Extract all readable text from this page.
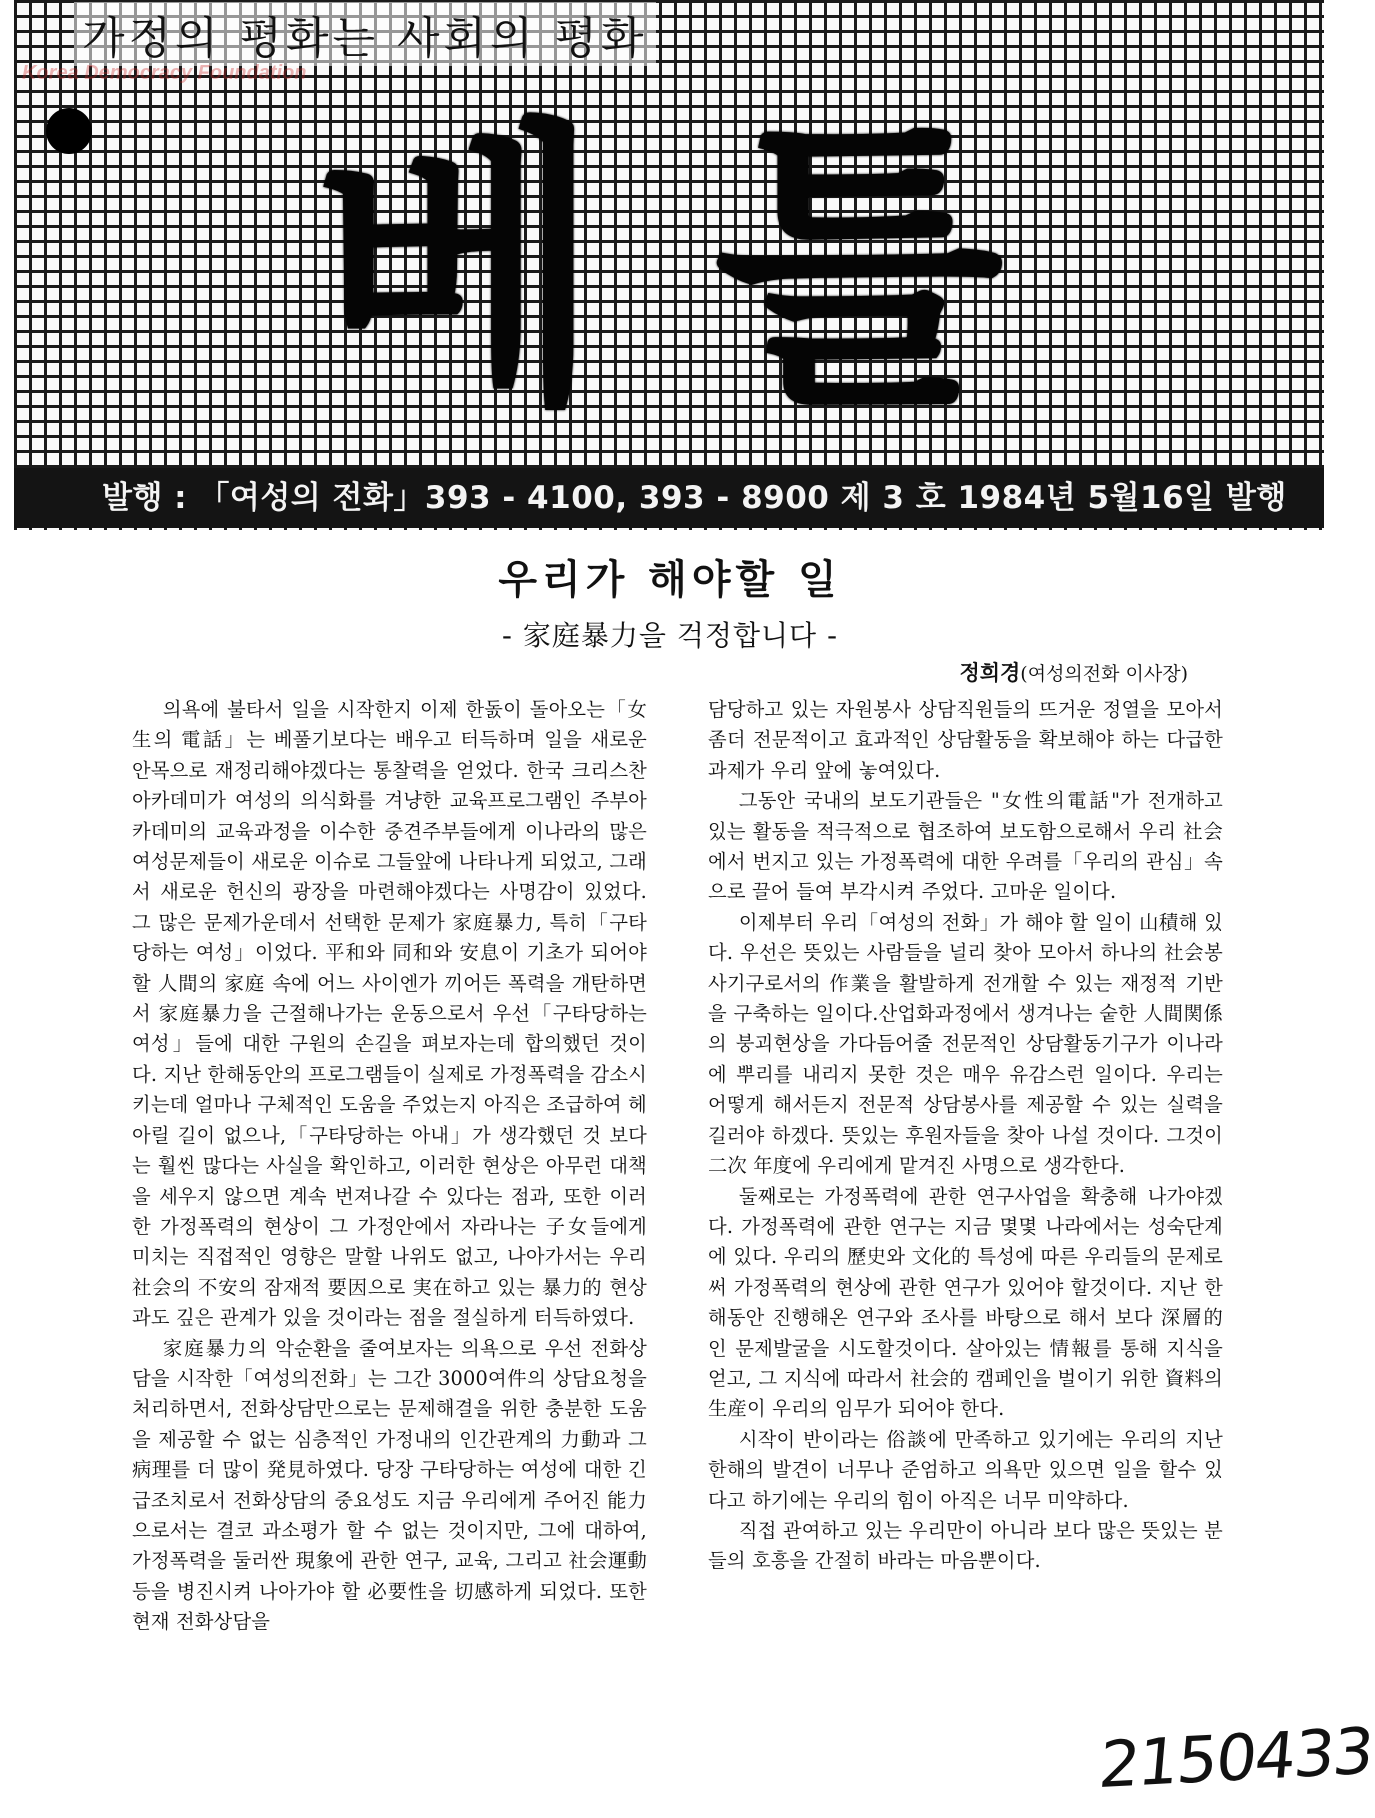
가정의 평화는 사회의 평화
Korea Democracy Foundation
베틀
발행 : 「여성의 전화」393 - 4100, 393 - 8900 제 3 호 1984년 5월16일 발행
우리가 해야할 일
- 家庭暴力을 걱정합니다 -
정희경(여성의전화 이사장)

의욕에 불타서 일을 시작한지 이제 한돐이 돌아오는「女生의 電話」는 베풀기보다는 배우고 터득하며 일을 새로운 안목으로 재정리해야겠다는 통찰력을 얻었다. 한국 크리스찬 아카데미가 여성의 의식화를 겨냥한 교육프로그램인 주부아카데미의 교육과정을 이수한 중견주부들에게 이나라의 많은 여성문제들이 새로운 이슈로 그들앞에 나타나게 되었고, 그래서 새로운 헌신의 광장을 마련해야겠다는 사명감이 있었다. 그 많은 문제가운데서 선택한 문제가 家庭暴力, 특히「구타당하는 여성」이었다. 平和와 同和와 安息이 기초가 되어야 할 人間의 家庭 속에 어느 사이엔가 끼어든 폭력을 개탄하면서 家庭暴力을 근절해나가는 운동으로서 우선「구타당하는 여성」들에 대한 구원의 손길을 펴보자는데 합의했던 것이다. 지난 한해동안의 프로그램들이 실제로 가정폭력을 감소시키는데 얼마나 구체적인 도움을 주었는지 아직은 조급하여 헤아릴 길이 없으나,「구타당하는 아내」가 생각했던 것 보다는 훨씬 많다는 사실을 확인하고, 이러한 현상은 아무런 대책을 세우지 않으면 계속 번져나갈 수 있다는 점과, 또한 이러한 가정폭력의 현상이 그 가정안에서 자라나는 子女들에게 미치는 직접적인 영향은 말할 나위도 없고, 나아가서는 우리 社会의 不安의 잠재적 要因으로 実在하고 있는 暴力的 현상과도 깊은 관계가 있을 것이라는 점을 절실하게 터득하였다.

家庭暴力의 악순환을 줄여보자는 의욕으로 우선 전화상담을 시작한「여성의전화」는 그간 3000여件의 상담요청을 처리하면서, 전화상담만으로는 문제해결을 위한 충분한 도움을 제공할 수 없는 심층적인 가정내의 인간관계의 力動과 그 病理를 더 많이 発見하였다. 당장 구타당하는 여성에 대한 긴급조치로서 전화상담의 중요성도 지금 우리에게 주어진 能力으로서는 결코 과소평가 할 수 없는 것이지만, 그에 대하여, 가정폭력을 둘러싼 現象에 관한 연구, 교육, 그리고 社会運動등을 병진시켜 나아가야 할 必要性을 切感하게 되었다. 또한 현재 전화상담을

담당하고 있는 자원봉사 상담직원들의 뜨거운 정열을 모아서 좀더 전문적이고 효과적인 상담활동을 확보해야 하는 다급한 과제가 우리 앞에 놓여있다.

그동안 국내의 보도기관들은 "女性의電話"가 전개하고 있는 활동을 적극적으로 협조하여 보도함으로해서 우리 社会에서 번지고 있는 가정폭력에 대한 우려를「우리의 관심」속으로 끌어 들여 부각시켜 주었다. 고마운 일이다.

이제부터 우리「여성의 전화」가 해야 할 일이 山積해 있다. 우선은 뜻있는 사람들을 널리 찾아 모아서 하나의 社会봉사기구로서의 作業을 활발하게 전개할 수 있는 재정적 기반을 구축하는 일이다.산업화과정에서 생겨나는 숱한 人間関係의 붕괴현상을 가다듬어줄 전문적인 상담활동기구가 이나라에 뿌리를 내리지 못한 것은 매우 유감스런 일이다. 우리는 어떻게 해서든지 전문적 상담봉사를 제공할 수 있는 실력을 길러야 하겠다. 뜻있는 후원자들을 찾아 나설 것이다. 그것이 二次 年度에 우리에게 맡겨진 사명으로 생각한다.

둘째로는 가정폭력에 관한 연구사업을 확충해 나가야겠다. 가정폭력에 관한 연구는 지금 몇몇 나라에서는 성숙단계에 있다. 우리의 歷史와 文化的 특성에 따른 우리들의 문제로써 가정폭력의 현상에 관한 연구가 있어야 할것이다. 지난 한해동안 진행해온 연구와 조사를 바탕으로 해서 보다 深層的인 문제발굴을 시도할것이다. 살아있는 情報를 통해 지식을 얻고, 그 지식에 따라서 社会的 캠페인을 벌이기 위한 資料의 生産이 우리의 임무가 되어야 한다.

시작이 반이라는 俗談에 만족하고 있기에는 우리의 지난한해의 발견이 너무나 준엄하고 의욕만 있으면 일을 할수 있다고 하기에는 우리의 힘이 아직은 너무 미약하다.

직접 관여하고 있는 우리만이 아니라 보다 많은 뜻있는 분들의 호흥을 간절히 바라는 마음뿐이다.

2150433
